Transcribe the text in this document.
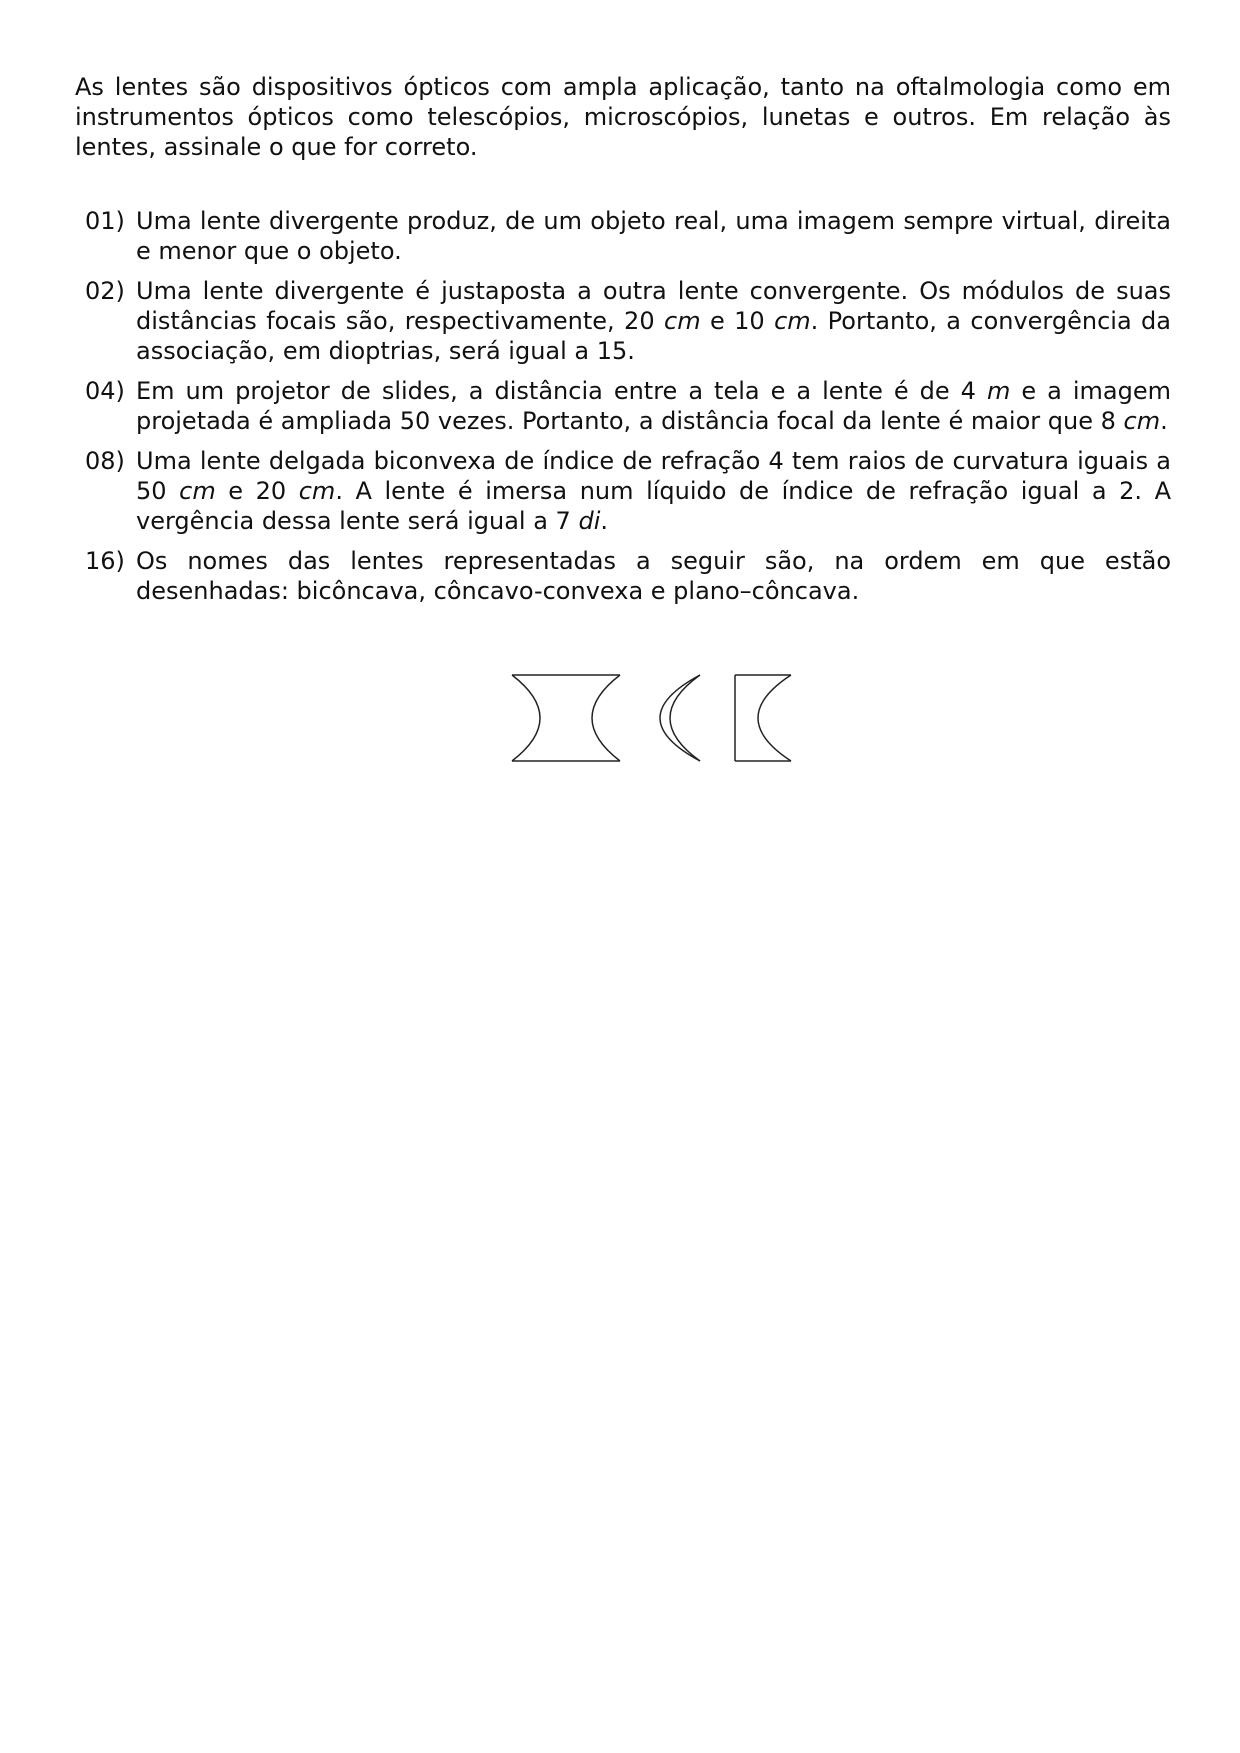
As lentes são dispositivos ópticos com ampla aplicação, tanto na oftalmologia como em instrumentos ópticos como telescópios, microscópios, lunetas e outros. Em relação às lentes, assinale o que for correto.

01) Uma lente divergente produz, de um objeto real, uma imagem sempre virtual, direita e menor que o objeto.
02) Uma lente divergente é justaposta a outra lente convergente. Os módulos de suas distâncias focais são, respectivamente, 20 cm e 10 cm. Portanto, a convergência da associação, em dioptrias, será igual a 15.
04) Em um projetor de slides, a distância entre a tela e a lente é de 4 m e a imagem projetada é ampliada 50 vezes. Portanto, a distância focal da lente é maior que 8 cm.
08) Uma lente delgada biconvexa de índice de refração 4 tem raios de curvatura iguais a 50 cm e 20 cm. A lente é imersa num líquido de índice de refração igual a 2. A vergência dessa lente será igual a 7 di.
16) Os nomes das lentes representadas a seguir são, na ordem em que estão desenhadas: bicôncava, côncavo-convexa e plano–côncava.
